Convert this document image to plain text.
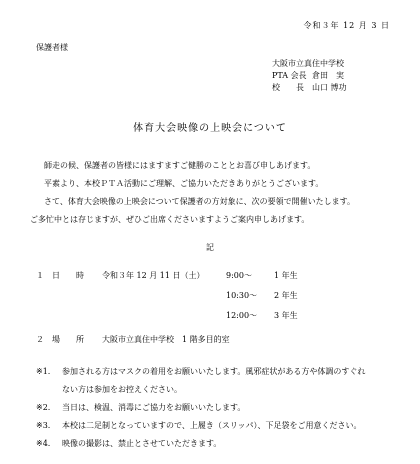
令和３年 12 月 3 日
保護者様
大阪市立真住中学校
PTA 会長 倉田　実
校　　長	山口 博功
体育大会映像の上映会について

師走の候、保護者の皆様にはますますご健勝のこととお喜び申しあげます。

平素より、本校ＰＴＡ活動にご理解、ご協力いただきありがとうございます。

さて、体育大会映像の上映会について保護者の方対象に、次の要領で開催いたします。

ご多忙中とは存じますが、ぜひご出席くださいますようご案内申しあげます。

記
１ 日　　時 令和３年 12 月 11 日（土）	9:00～	1 年生
10:30～ 2 年生
12:00～ 3 年生
２ 場　　所 大阪市立真住中学校　1 階多目的室
※1. 参加される方はマスクの着用をお願いいたします。風邪症状がある方や体調のすぐれ
ない方は参加をお控えください。
※2. 当日は、検温、消毒にご協力をお願いいたします。
※3. 本校は二足制となっていますので、上履き（スリッパ）、下足袋をご用意ください。
※4. 映像の撮影は、禁止とさせていただきます。
